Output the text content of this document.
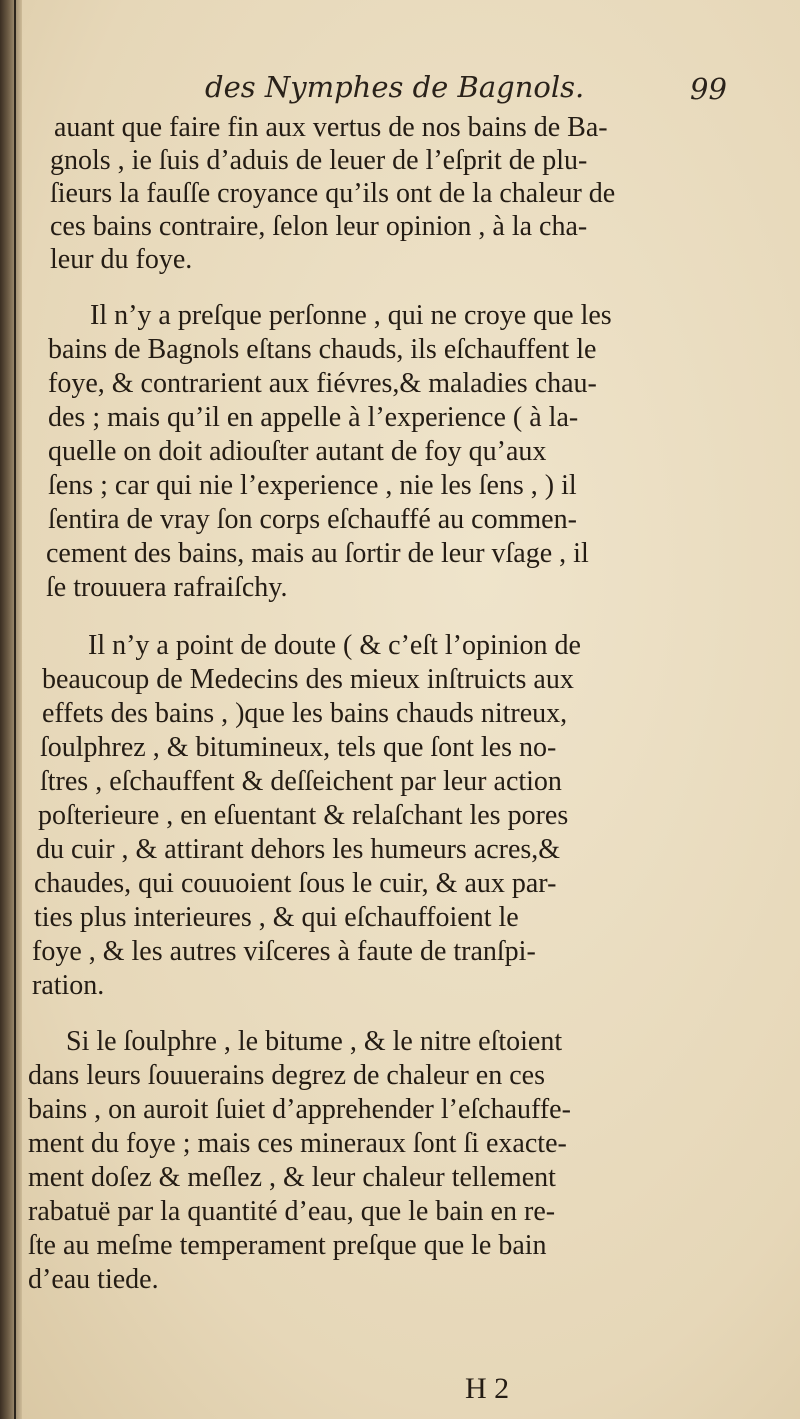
des Nymphes de Bagnols.	99
auant que faire fin aux vertus de nos bains de Ba-
gnols , ie ſuis d’aduis de leuer de l’eſprit de plu-
ſieurs la fauſſe croyance qu’ils ont de la chaleur de
ces bains contraire, ſelon leur opinion , à la cha-
leur du foye.
Il n’y a preſque perſonne , qui ne croye que les
bains de Bagnols eſtans chauds, ils eſchauffent le
foye, & contrarient aux fiévres,& maladies chau-
des ; mais qu’il en appelle à l’experience ( à la-
quelle on doit adiouſter autant de foy qu’aux
ſens ; car qui nie l’experience , nie les ſens , ) il
ſentira de vray ſon corps eſchauffé au commen-
cement des bains, mais au ſortir de leur vſage , il
ſe trouuera rafraiſchy.
Il n’y a point de doute ( & c’eſt l’opinion de
beaucoup de Medecins des mieux inſtruicts aux
effets des bains , )que les bains chauds nitreux,
ſoulphrez , & bitumineux, tels que ſont les no-
ſtres , eſchauffent & deſſeichent par leur action
poſterieure , en eſuentant & relaſchant les pores
du cuir , & attirant dehors les humeurs acres,&
chaudes, qui couuoient ſous le cuir, & aux par-
ties plus interieures , & qui eſchauffoient le
foye , & les autres viſceres à faute de tranſpi-
ration.
Si le ſoulphre , le bitume , & le nitre eſtoient
dans leurs ſouuerains degrez de chaleur en ces
bains , on auroit ſuiet d’apprehender l’eſchauffe-
ment du foye ; mais ces mineraux ſont ſi exacte-
ment doſez & meſlez , & leur chaleur tellement
rabatuë par la quantité d’eau, que le bain en re-
ſte au meſme temperament preſque que le bain
d’eau tiede.
H 2
